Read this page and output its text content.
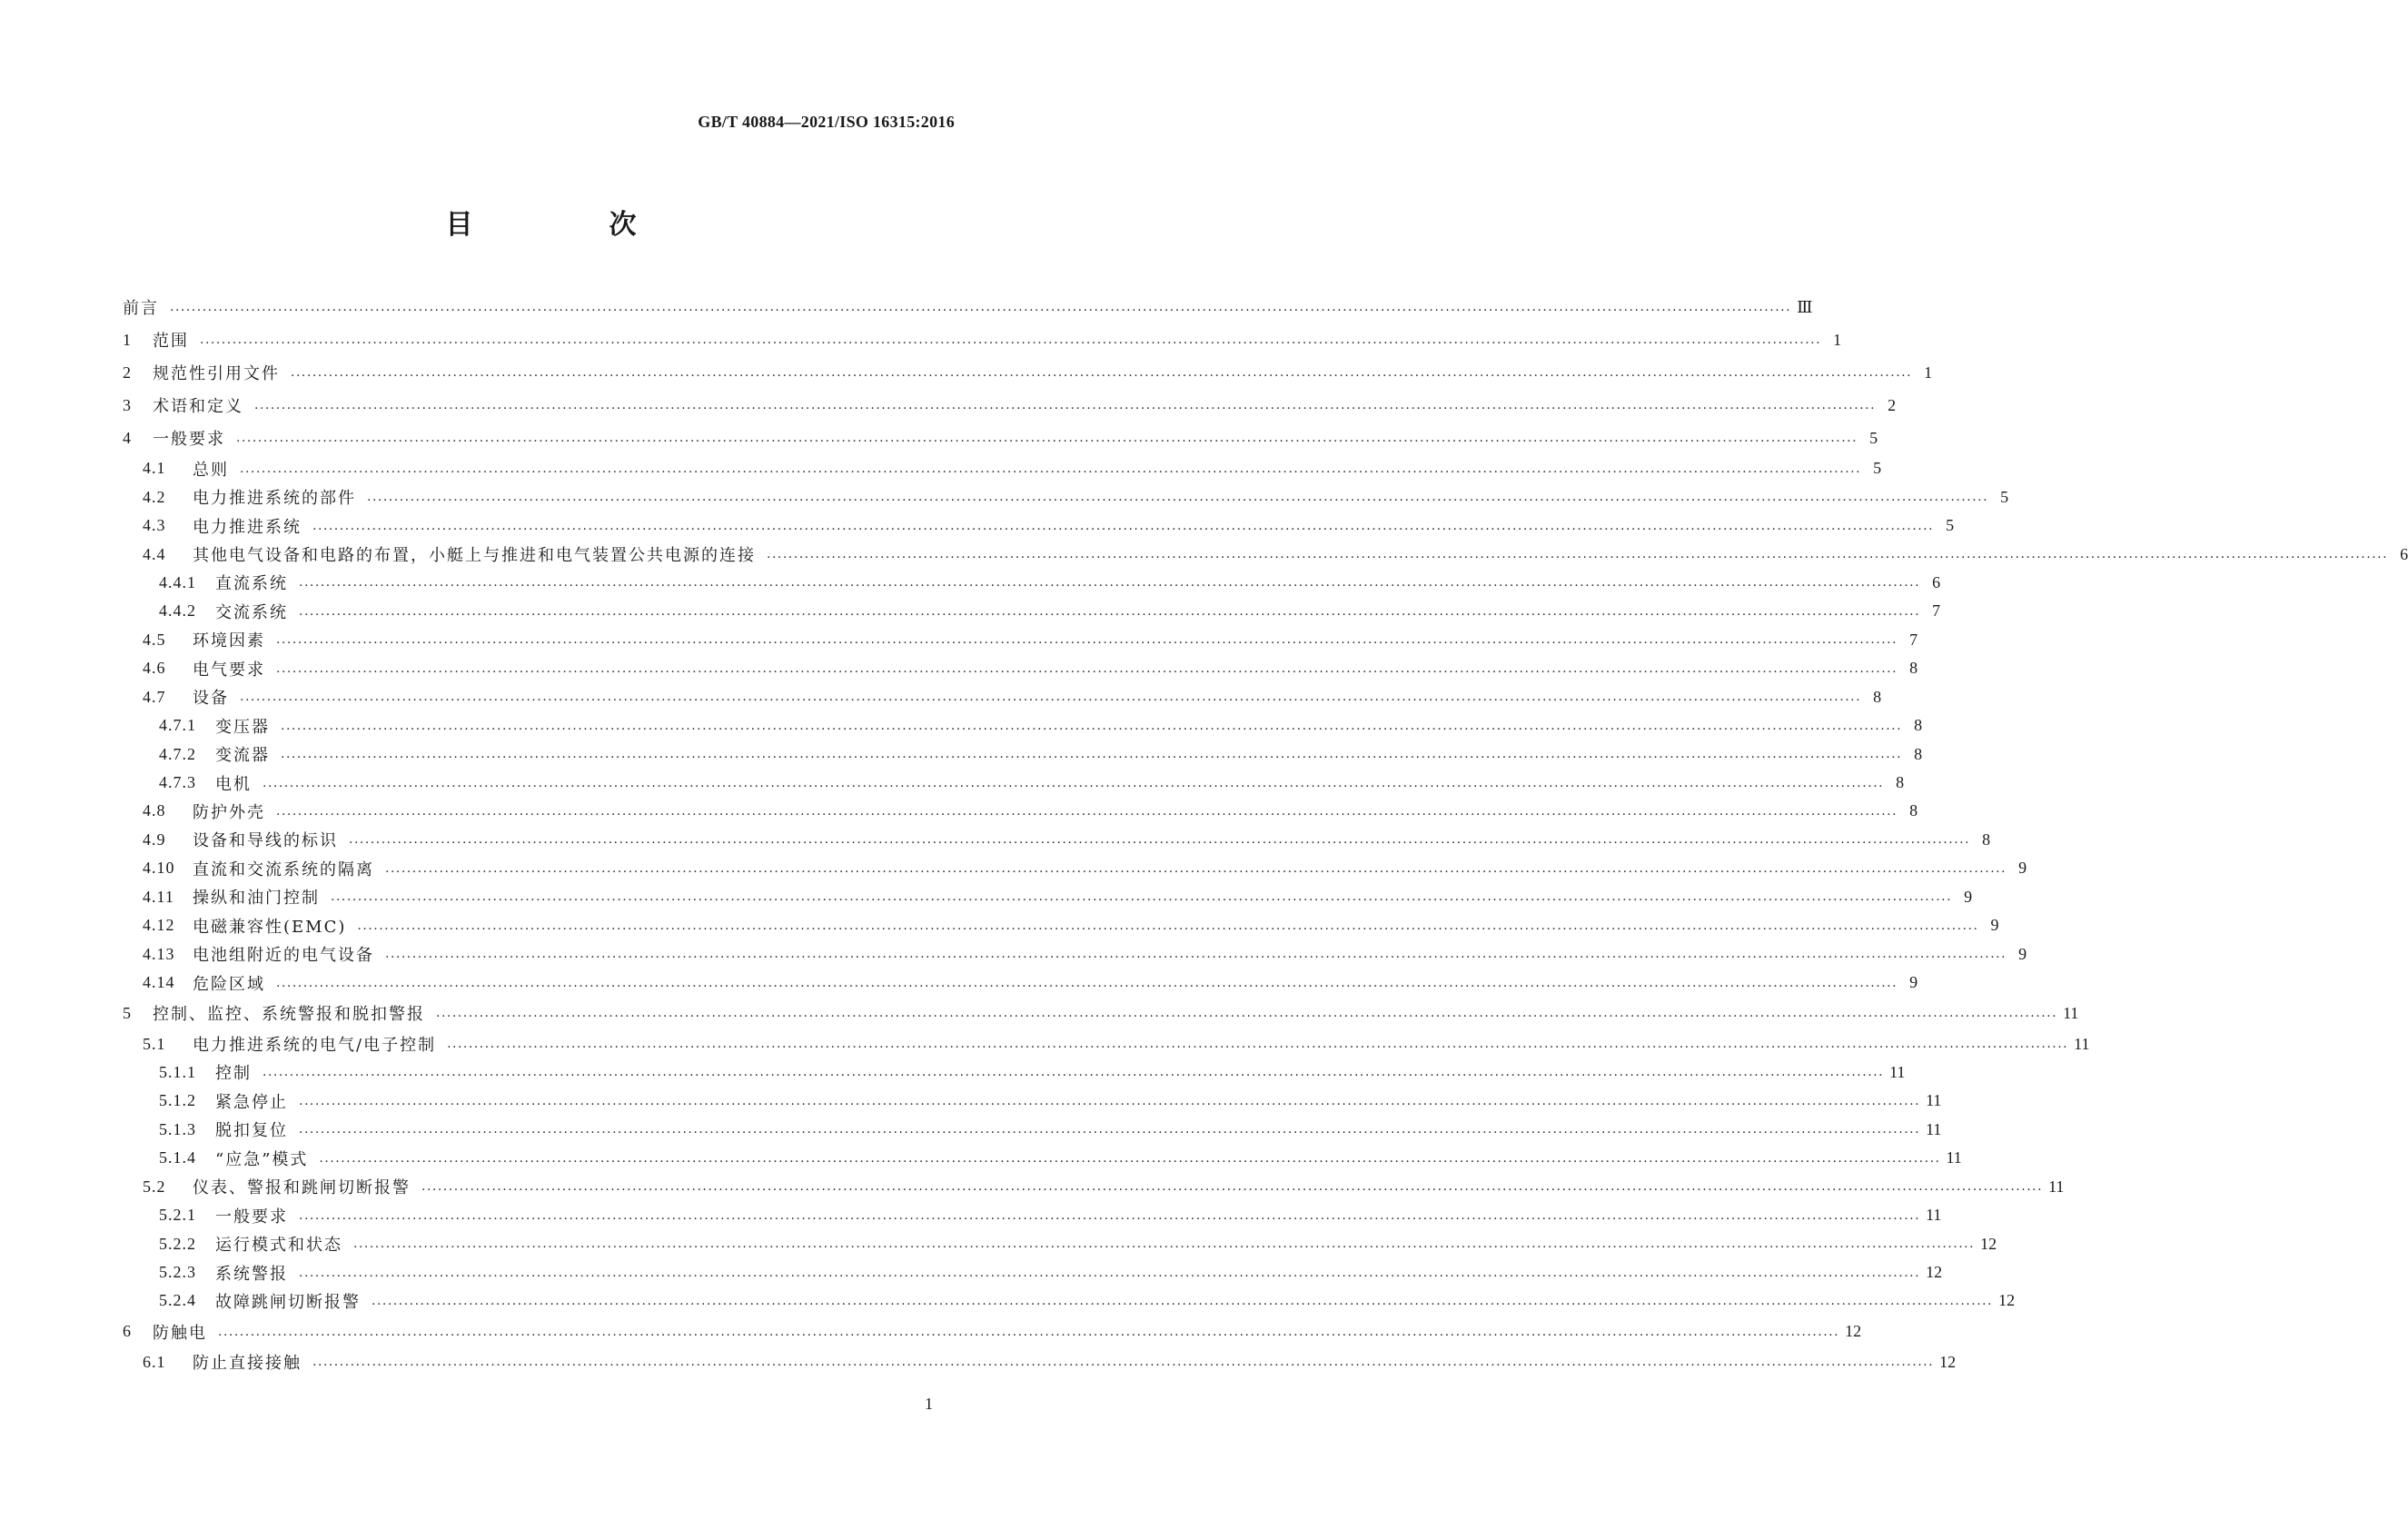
GB/T 40884—2021/ISO 16315:2016
目　次
前言 ............................................................................................................................................................................................................................................................................................................ Ⅲ
1	范围 ............................................................................................................................................................................................................................................................................................................ 1
2	规范性引用文件 ............................................................................................................................................................................................................................................................................................................ 1
3	术语和定义 ............................................................................................................................................................................................................................................................................................................ 2
4	一般要求 ............................................................................................................................................................................................................................................................................................................ 5
4.1	总则 ............................................................................................................................................................................................................................................................................................................ 5
4.2	电力推进系统的部件 ............................................................................................................................................................................................................................................................................................................ 5
4.3	电力推进系统 ............................................................................................................................................................................................................................................................................................................ 5
4.4	其他电气设备和电路的布置，小艇上与推进和电气装置公共电源的连接 ............................................................................................................................................................................................................................................................................................................ 6
4.4.1	直流系统 ............................................................................................................................................................................................................................................................................................................ 6
4.4.2	交流系统 ............................................................................................................................................................................................................................................................................................................ 7
4.5	环境因素 ............................................................................................................................................................................................................................................................................................................ 7
4.6	电气要求 ............................................................................................................................................................................................................................................................................................................ 8
4.7	设备 ............................................................................................................................................................................................................................................................................................................ 8
4.7.1	变压器 ............................................................................................................................................................................................................................................................................................................ 8
4.7.2	变流器 ............................................................................................................................................................................................................................................................................................................ 8
4.7.3	电机 ............................................................................................................................................................................................................................................................................................................ 8
4.8	防护外壳 ............................................................................................................................................................................................................................................................................................................ 8
4.9	设备和导线的标识 ............................................................................................................................................................................................................................................................................................................ 8
4.10	直流和交流系统的隔离 ............................................................................................................................................................................................................................................................................................................ 9
4.11	操纵和油门控制 ............................................................................................................................................................................................................................................................................................................ 9
4.12	电磁兼容性(EMC) ............................................................................................................................................................................................................................................................................................................ 9
4.13	电池组附近的电气设备 ............................................................................................................................................................................................................................................................................................................ 9
4.14	危险区域 ............................................................................................................................................................................................................................................................................................................ 9
5	控制、监控、系统警报和脱扣警报 ............................................................................................................................................................................................................................................................................................................ 11
5.1	电力推进系统的电气/电子控制 ............................................................................................................................................................................................................................................................................................................ 11
5.1.1	控制 ............................................................................................................................................................................................................................................................................................................ 11
5.1.2	紧急停止 ............................................................................................................................................................................................................................................................................................................ 11
5.1.3	脱扣复位 ............................................................................................................................................................................................................................................................................................................ 11
5.1.4	“应急”模式 ............................................................................................................................................................................................................................................................................................................ 11
5.2	仪表、警报和跳闸切断报警 ............................................................................................................................................................................................................................................................................................................ 11
5.2.1	一般要求 ............................................................................................................................................................................................................................................................................................................ 11
5.2.2	运行模式和状态 ............................................................................................................................................................................................................................................................................................................ 12
5.2.3	系统警报 ............................................................................................................................................................................................................................................................................................................ 12
5.2.4	故障跳闸切断报警 ............................................................................................................................................................................................................................................................................................................ 12
6	防触电 ............................................................................................................................................................................................................................................................................................................ 12
6.1	防止直接接触 ............................................................................................................................................................................................................................................................................................................ 12
1
